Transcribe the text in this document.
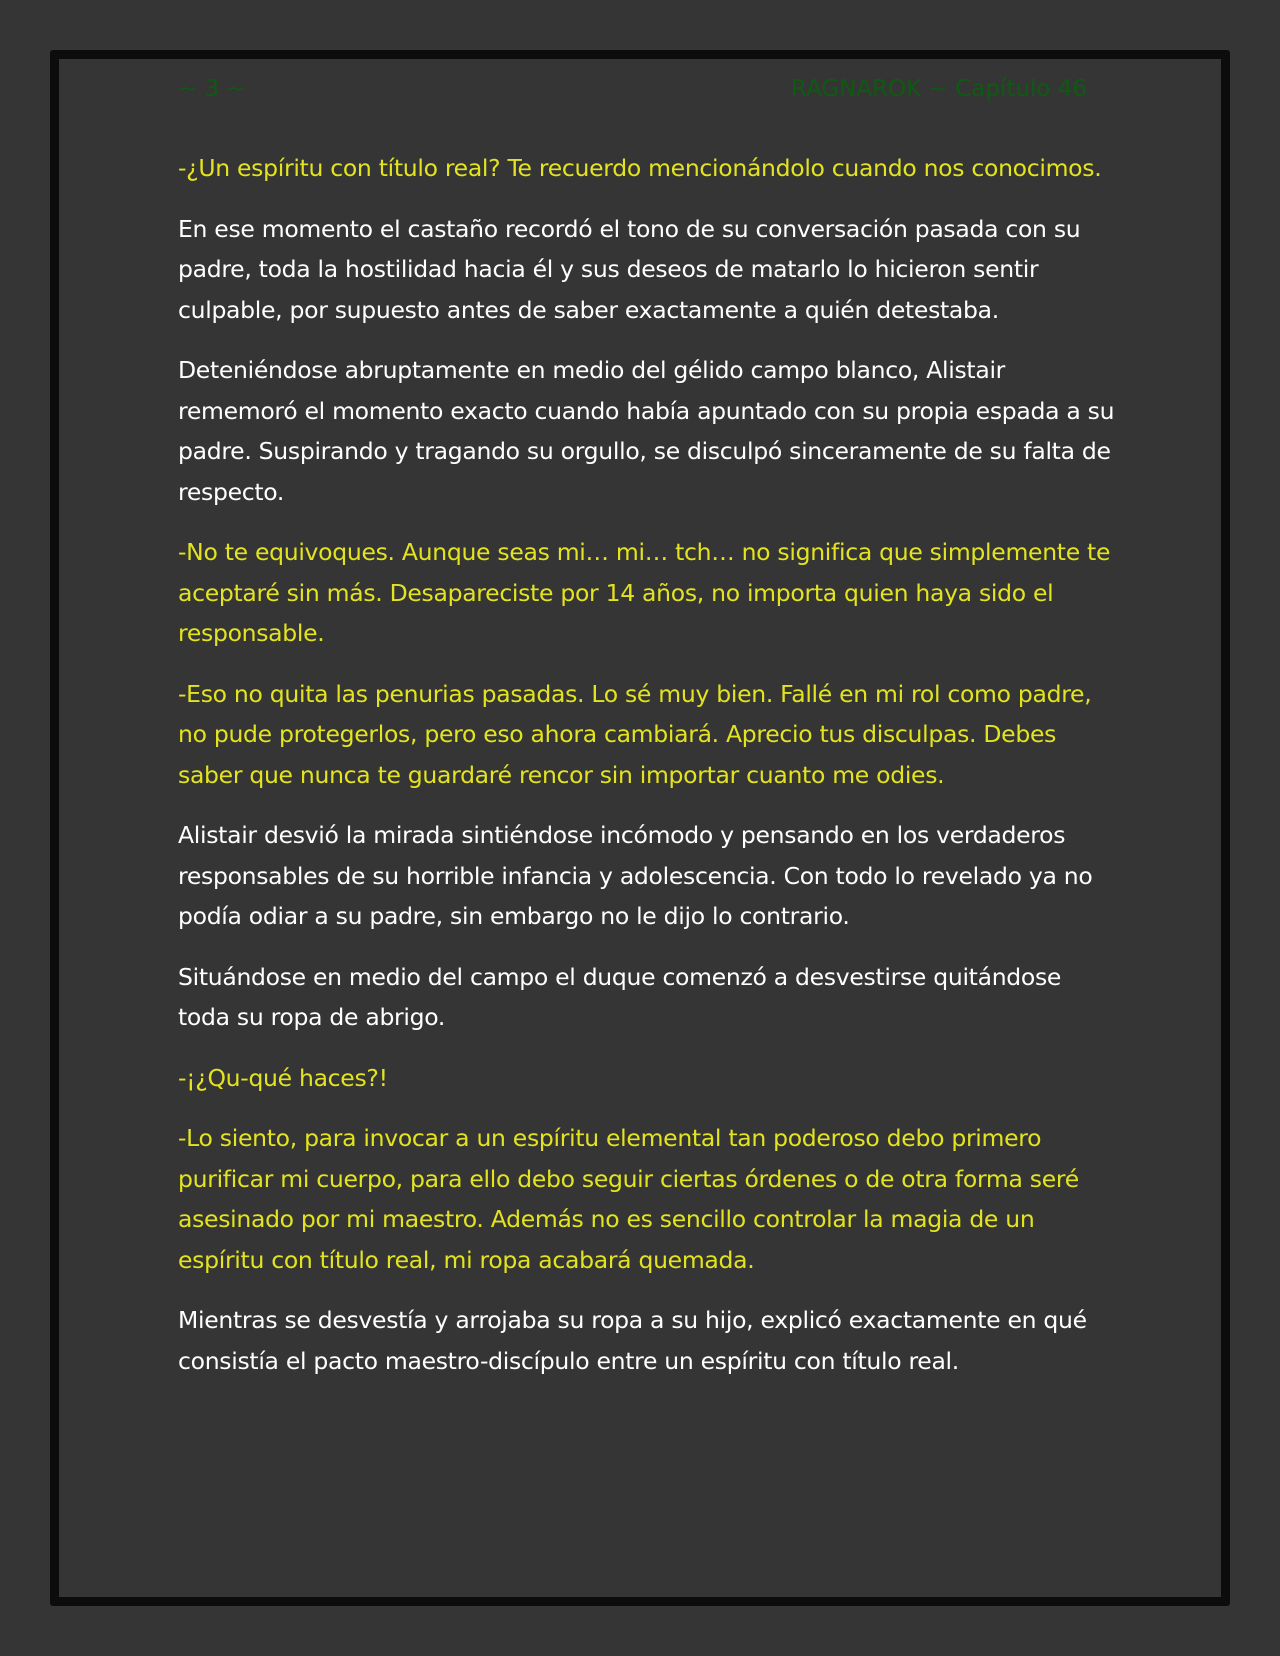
~ 3 ~	RAGNAROK ~ Capítulo 46

-¿Un espíritu con título real? Te recuerdo mencionándolo cuando nos conocimos.

En ese momento el castaño recordó el tono de su conversación pasada con su padre, toda la hostilidad hacia él y sus deseos de matarlo lo hicieron sentir culpable, por supuesto antes de saber exactamente a quién detestaba.

Deteniéndose abruptamente en medio del gélido campo blanco, Alistair rememoró el momento exacto cuando había apuntado con su propia espada a su padre. Suspirando y tragando su orgullo, se disculpó sinceramente de su falta de respecto.

-No te equivoques. Aunque seas mi… mi… tch… no significa que simplemente te aceptaré sin más. Desapareciste por 14 años, no importa quien haya sido el responsable.

-Eso no quita las penurias pasadas. Lo sé muy bien. Fallé en mi rol como padre, no pude protegerlos, pero eso ahora cambiará. Aprecio tus disculpas. Debes saber que nunca te guardaré rencor sin importar cuanto me odies.

Alistair desvió la mirada sintiéndose incómodo y pensando en los verdaderos responsables de su horrible infancia y adolescencia. Con todo lo revelado ya no podía odiar a su padre, sin embargo no le dijo lo contrario.

Situándose en medio del campo el duque comenzó a desvestirse quitándose toda su ropa de abrigo.

-¡¿Qu-qué haces?!

-Lo siento, para invocar a un espíritu elemental tan poderoso debo primero purificar mi cuerpo, para ello debo seguir ciertas órdenes o de otra forma seré asesinado por mi maestro. Además no es sencillo controlar la magia de un espíritu con título real, mi ropa acabará quemada.

Mientras se desvestía y arrojaba su ropa a su hijo, explicó exactamente en qué consistía el pacto maestro-discípulo entre un espíritu con título real.
